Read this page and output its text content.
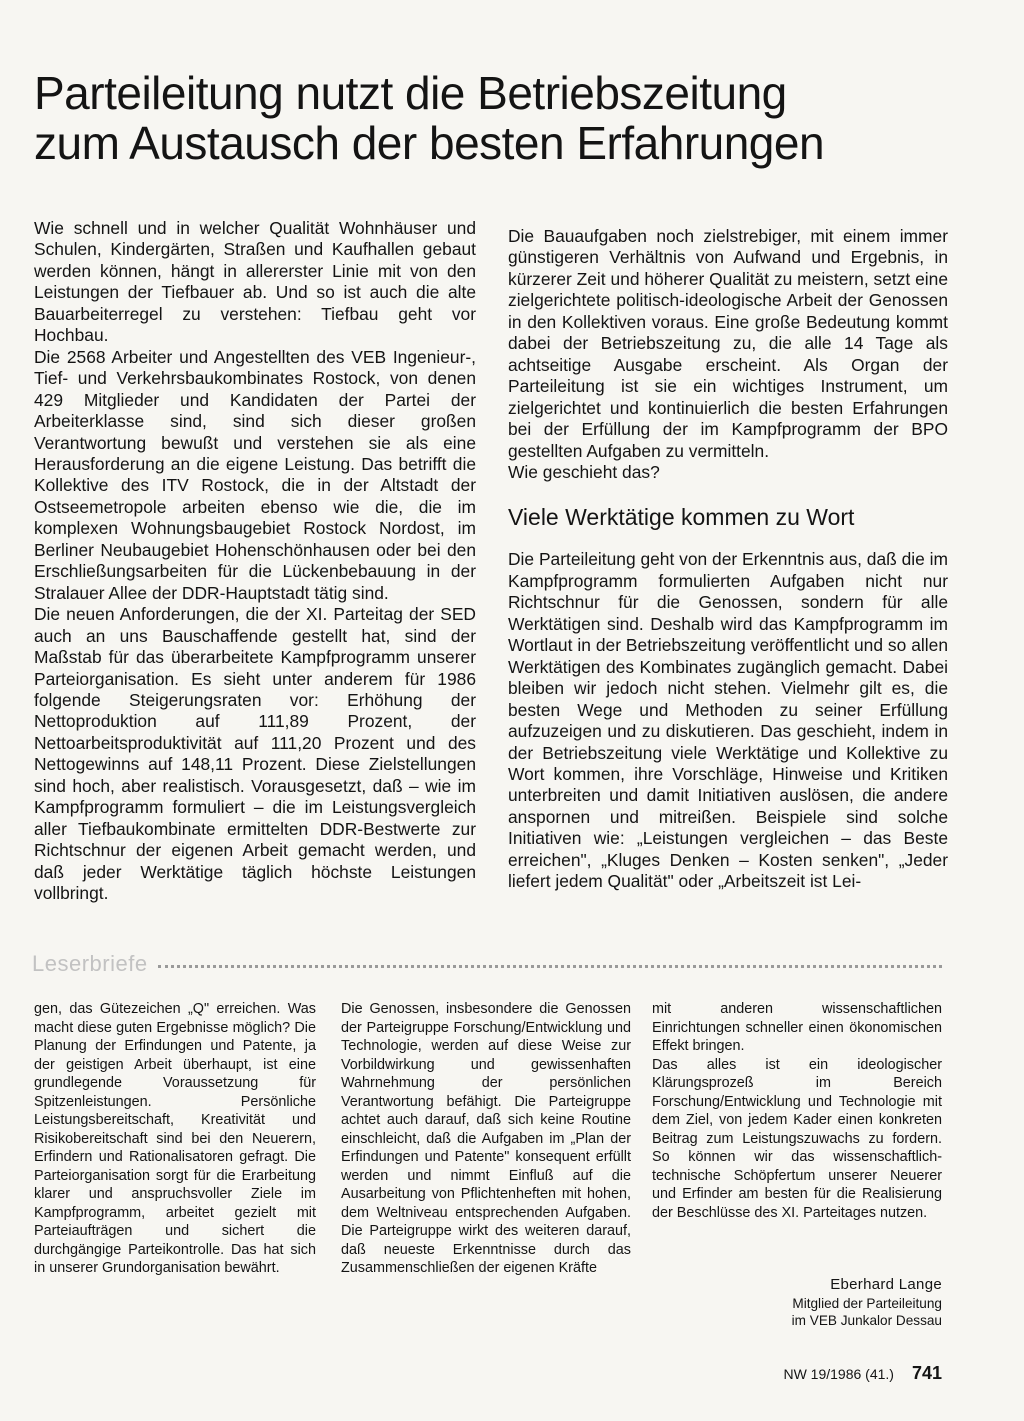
Parteileitung nutzt die Betriebszeitung
zum Austausch der besten Erfahrungen

Wie schnell und in welcher Qualität Wohnhäuser und Schulen, Kindergärten, Straßen und Kaufhallen gebaut werden können, hängt in allererster Linie mit von den Leistungen der Tiefbauer ab. Und so ist auch die alte Bauarbeiterregel zu verstehen: Tiefbau geht vor Hochbau.

Die 2568 Arbeiter und Angestellten des VEB Ingenieur-, Tief- und Verkehrsbaukombinates Rostock, von denen 429 Mitglieder und Kandidaten der Partei der Arbeiterklasse sind, sind sich dieser großen Verantwortung bewußt und verstehen sie als eine Herausforderung an die eigene Leistung. Das betrifft die Kollektive des ITV Rostock, die in der Altstadt der Ostseemetropole arbeiten ebenso wie die, die im komplexen Wohnungsbaugebiet Rostock Nordost, im Berliner Neubaugebiet Hohenschönhausen oder bei den Erschließungsarbeiten für die Lückenbebauung in der Stralauer Allee der DDR-Hauptstadt tätig sind.

Die neuen Anforderungen, die der XI. Parteitag der SED auch an uns Bauschaffende gestellt hat, sind der Maßstab für das überarbeitete Kampfprogramm unserer Parteiorganisation. Es sieht unter anderem für 1986 folgende Steigerungsraten vor: Erhöhung der Nettoproduktion auf 111,89 Prozent, der Nettoarbeitsproduktivität auf 111,20 Prozent und des Nettogewinns auf 148,11 Prozent. Diese Zielstellungen sind hoch, aber realistisch. Vorausgesetzt, daß – wie im Kampfprogramm formuliert – die im Leistungsvergleich aller Tiefbaukombinate ermittelten DDR-Bestwerte zur Richtschnur der eigenen Arbeit gemacht werden, und daß jeder Werktätige täglich höchste Leistungen vollbringt.

Die Bauaufgaben noch zielstrebiger, mit einem immer günstigeren Verhältnis von Aufwand und Ergebnis, in kürzerer Zeit und höherer Qualität zu meistern, setzt eine zielgerichtete politisch-ideologische Arbeit der Genossen in den Kollektiven voraus. Eine große Bedeutung kommt dabei der Betriebszeitung zu, die alle 14 Tage als achtseitige Ausgabe erscheint. Als Organ der Parteileitung ist sie ein wichtiges Instrument, um zielgerichtet und kontinuierlich die besten Erfahrungen bei der Erfüllung der im Kampfprogramm der BPO gestellten Aufgaben zu vermitteln.

Wie geschieht das?

Viele Werktätige kommen zu Wort

Die Parteileitung geht von der Erkenntnis aus, daß die im Kampfprogramm formulierten Aufgaben nicht nur Richtschnur für die Genossen, sondern für alle Werktätigen sind. Deshalb wird das Kampfprogramm im Wortlaut in der Betriebszeitung veröffentlicht und so allen Werktätigen des Kombinates zugänglich gemacht. Dabei bleiben wir jedoch nicht stehen. Vielmehr gilt es, die besten Wege und Methoden zu seiner Erfüllung aufzuzeigen und zu diskutieren. Das geschieht, indem in der Betriebszeitung viele Werktätige und Kollektive zu Wort kommen, ihre Vorschläge, Hinweise und Kritiken unterbreiten und damit Initiativen auslösen, die andere anspornen und mitreißen. Beispiele sind solche Initiativen wie: „Leistungen vergleichen – das Beste erreichen", „Kluges Denken – Kosten senken", „Jeder liefert jedem Qualität" oder „Arbeitszeit ist Lei-

Leserbriefe

gen, das Gütezeichen „Q" erreichen. Was macht diese guten Ergebnisse möglich? Die Planung der Erfindungen und Patente, ja der geistigen Arbeit überhaupt, ist eine grundlegende Voraussetzung für Spitzenleistungen. Persönliche Leistungsbereitschaft, Kreativität und Risikobereitschaft sind bei den Neuerern, Erfindern und Rationalisatoren gefragt. Die Parteiorganisation sorgt für die Erarbeitung klarer und anspruchsvoller Ziele im Kampfprogramm, arbeitet gezielt mit Parteiaufträgen und sichert die durchgängige Parteikontrolle. Das hat sich in unserer Grundorganisation bewährt.

Die Genossen, insbesondere die Genossen der Parteigruppe Forschung/Entwicklung und Technologie, werden auf diese Weise zur Vorbildwirkung und gewissenhaften Wahrnehmung der persönlichen Verantwortung befähigt. Die Parteigruppe achtet auch darauf, daß sich keine Routine einschleicht, daß die Aufgaben im „Plan der Erfindungen und Patente" konsequent erfüllt werden und nimmt Einfluß auf die Ausarbeitung von Pflichtenheften mit hohen, dem Weltniveau entsprechenden Aufgaben. Die Parteigruppe wirkt des weiteren darauf, daß neueste Erkenntnisse durch das Zusammenschließen der eigenen Kräfte

mit anderen wissenschaftlichen Einrichtungen schneller einen ökonomischen Effekt bringen.

Das alles ist ein ideologischer Klärungsprozeß im Bereich Forschung/Entwicklung und Technologie mit dem Ziel, von jedem Kader einen konkreten Beitrag zum Leistungszuwachs zu fordern. So können wir das wissenschaftlich-technische Schöpfertum unserer Neuerer und Erfinder am besten für die Realisierung der Beschlüsse des XI. Parteitages nutzen.

Eberhard Lange
Mitglied der Parteileitung
im VEB Junkalor Dessau
NW 19/1986 (41.) 741
